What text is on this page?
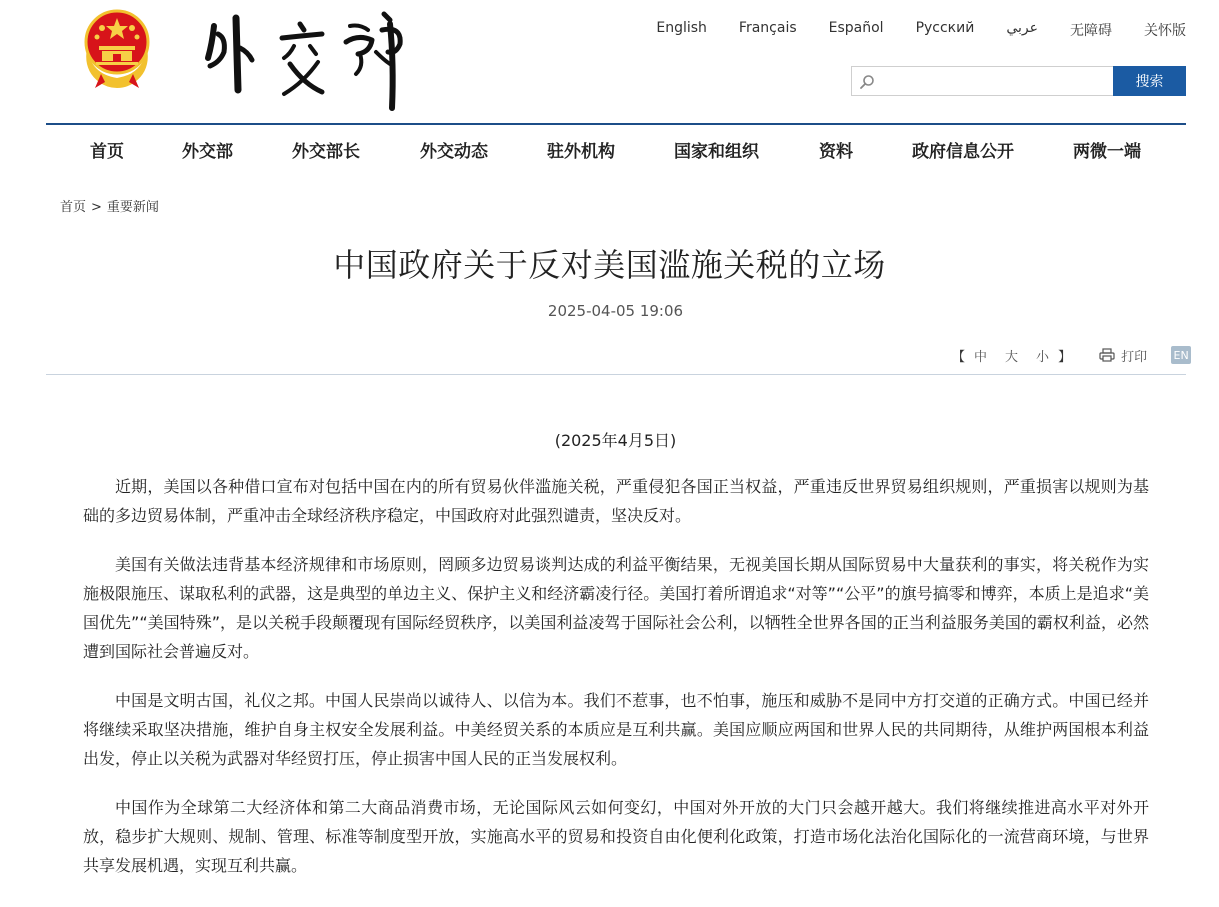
English Français Español Русский عربي 无障碍 关怀版
搜索
首页	外交部	外交部长	外交动态	驻外机构	国家和组织	资料	政府信息公开	两微一端
首页 > 重要新闻
中国政府关于反对美国滥施关税的立场
2025-04-05 19:06
【 中 大 小 】	打印 EN
(2025年4月5日)

近期，美国以各种借口宣布对包括中国在内的所有贸易伙伴滥施关税，严重侵犯各国正当权益，严重违反世界贸易组织规则，严重损害以规则为基础的多边贸易体制，严重冲击全球经济秩序稳定，中国政府对此强烈谴责，坚决反对。

美国有关做法违背基本经济规律和市场原则，罔顾多边贸易谈判达成的利益平衡结果，无视美国长期从国际贸易中大量获利的事实，将关税作为实施极限施压、谋取私利的武器，这是典型的单边主义、保护主义和经济霸凌行径。美国打着所谓追求“对等”“公平”的旗号搞零和博弈，本质上是追求“美国优先”“美国特殊”，是以关税手段颠覆现有国际经贸秩序，以美国利益凌驾于国际社会公利，以牺牲全世界各国的正当利益服务美国的霸权利益，必然遭到国际社会普遍反对。

中国是文明古国，礼仪之邦。中国人民崇尚以诚待人、以信为本。我们不惹事，也不怕事，施压和威胁不是同中方打交道的正确方式。中国已经并将继续采取坚决措施，维护自身主权安全发展利益。中美经贸关系的本质应是互利共赢。美国应顺应两国和世界人民的共同期待，从维护两国根本利益出发，停止以关税为武器对华经贸打压，停止损害中国人民的正当发展权利。

中国作为全球第二大经济体和第二大商品消费市场，无论国际风云如何变幻，中国对外开放的大门只会越开越大。我们将继续推进高水平对外开放，稳步扩大规则、规制、管理、标准等制度型开放，实施高水平的贸易和投资自由化便利化政策，打造市场化法治化国际化的一流营商环境，与世界共享发展机遇，实现互利共赢。
